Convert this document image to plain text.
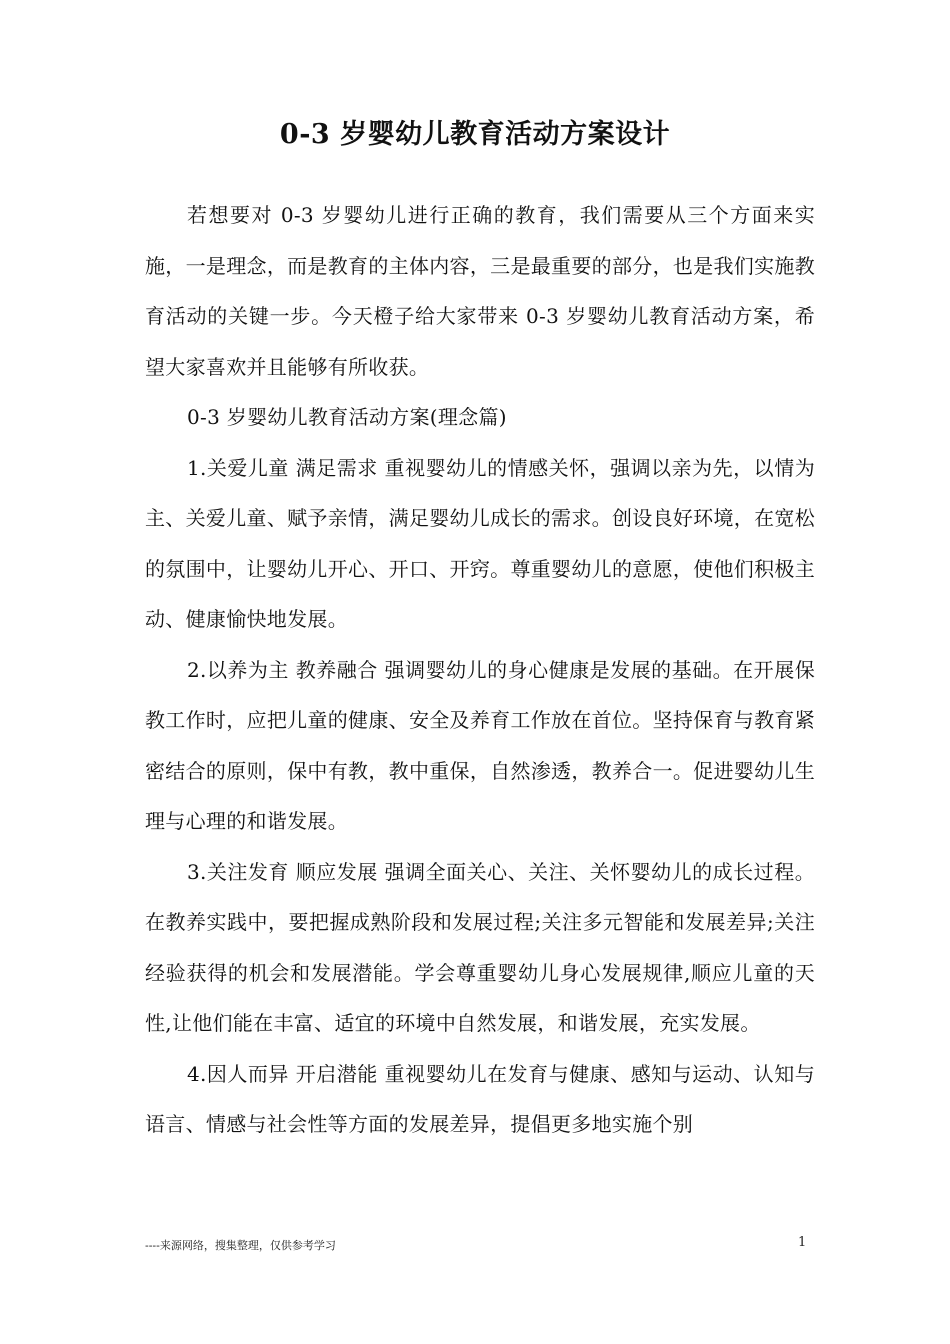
0-3 岁婴幼儿教育活动方案设计

若想要对 0-3 岁婴幼儿进行正确的教育，我们需要从三个方面来实施，一是理念，而是教育的主体内容，三是最重要的部分，也是我们实施教育活动的关键一步。今天橙子给大家带来 0-3 岁婴幼儿教育活动方案，希望大家喜欢并且能够有所收获。

0-3 岁婴幼儿教育活动方案(理念篇)

1.关爱儿童 满足需求 重视婴幼儿的情感关怀，强调以亲为先，以情为主、关爱儿童、赋予亲情，满足婴幼儿成长的需求。创设良好环境，在宽松的氛围中，让婴幼儿开心、开口、开窍。尊重婴幼儿的意愿，使他们积极主动、健康愉快地发展。

2.以养为主 教养融合 强调婴幼儿的身心健康是发展的基础。在开展保教工作时，应把儿童的健康、安全及养育工作放在首位。坚持保育与教育紧密结合的原则，保中有教，教中重保，自然渗透，教养合一。促进婴幼儿生理与心理的和谐发展。

3.关注发育 顺应发展 强调全面关心、关注、关怀婴幼儿的成长过程。在教养实践中，要把握成熟阶段和发展过程;关注多元智能和发展差异;关注经验获得的机会和发展潜能。学会尊重婴幼儿身心发展规律,顺应儿童的天性,让他们能在丰富、适宜的环境中自然发展，和谐发展，充实发展。

4.因人而异 开启潜能 重视婴幼儿在发育与健康、感知与运动、认知与语言、情感与社会性等方面的发展差异，提倡更多地实施个别

----来源网络，搜集整理，仅供参考学习	1
